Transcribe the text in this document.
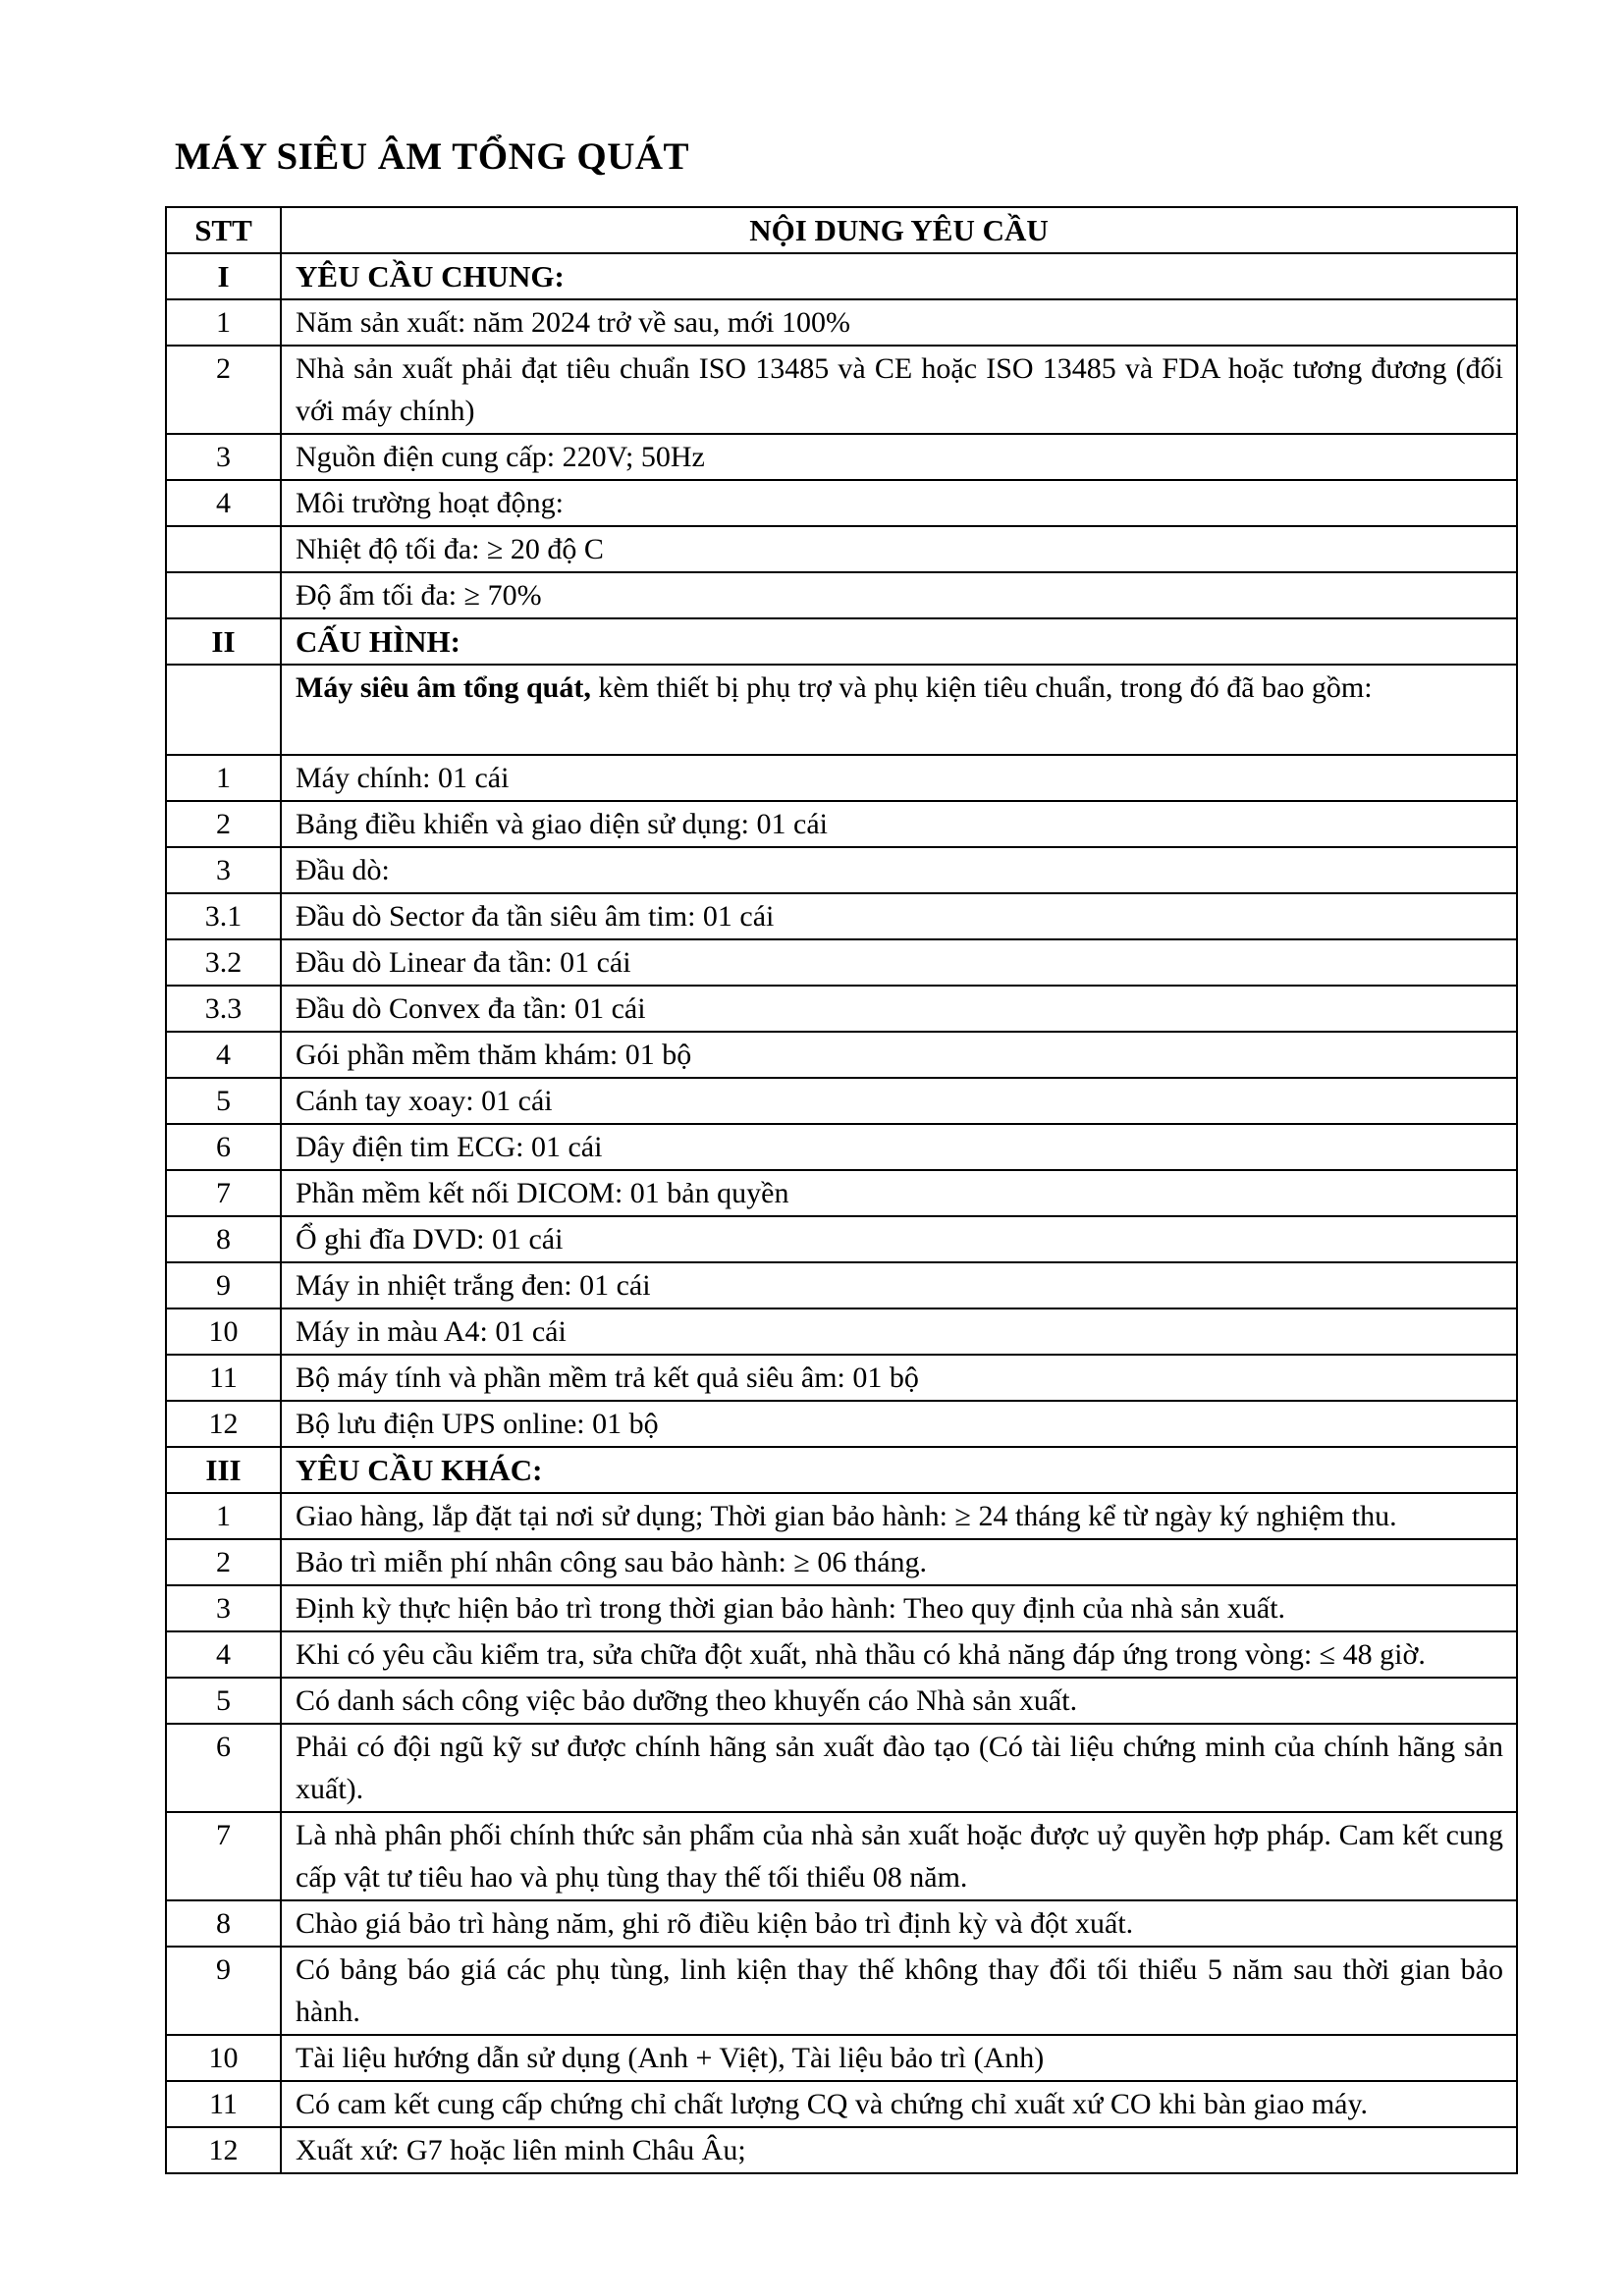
MÁY SIÊU ÂM TỔNG QUÁT
STT	NỘI DUNG YÊU CẦU
I	YÊU CẦU CHUNG:
1	Năm sản xuất: năm 2024 trở về sau, mới 100%
2	Nhà sản xuất phải đạt tiêu chuẩn ISO 13485 và CE hoặc ISO 13485 và FDA hoặc tương đương (đối với máy chính)
3	Nguồn điện cung cấp: 220V; 50Hz
4	Môi trường hoạt động:
	Nhiệt độ tối đa: ≥ 20 độ C
	Độ ẩm tối đa: ≥ 70%
II	CẤU HÌNH:
	Máy siêu âm tổng quát, kèm thiết bị phụ trợ và phụ kiện tiêu chuẩn, trong đó đã bao gồm:
1	Máy chính: 01 cái
2	Bảng điều khiển và giao diện sử dụng: 01 cái
3	Đầu dò:
3.1	Đầu dò Sector đa tần siêu âm tim: 01 cái
3.2	Đầu dò Linear đa tần: 01 cái
3.3	Đầu dò Convex đa tần: 01 cái
4	Gói phần mềm thăm khám: 01 bộ
5	Cánh tay xoay: 01 cái
6	Dây điện tim ECG: 01 cái
7	Phần mềm kết nối DICOM: 01 bản quyền
8	Ổ ghi đĩa DVD: 01 cái
9	Máy in nhiệt trắng đen: 01 cái
10	Máy in màu A4: 01 cái
11	Bộ máy tính và phần mềm trả kết quả siêu âm: 01 bộ
12	Bộ lưu điện UPS online: 01 bộ
III	YÊU CẦU KHÁC:
1	Giao hàng, lắp đặt tại nơi sử dụng; Thời gian bảo hành: ≥ 24 tháng kể từ ngày ký nghiệm thu.
2	Bảo trì miễn phí nhân công sau bảo hành: ≥ 06 tháng.
3	Định kỳ thực hiện bảo trì trong thời gian bảo hành: Theo quy định của nhà sản xuất.
4	Khi có yêu cầu kiểm tra, sửa chữa đột xuất, nhà thầu có khả năng đáp ứng trong vòng: ≤ 48 giờ.
5	Có danh sách công việc bảo dưỡng theo khuyến cáo Nhà sản xuất.
6	Phải có đội ngũ kỹ sư được chính hãng sản xuất đào tạo (Có tài liệu chứng minh của chính hãng sản xuất).
7	Là nhà phân phối chính thức sản phẩm của nhà sản xuất hoặc được uỷ quyền hợp pháp. Cam kết cung cấp vật tư tiêu hao và phụ tùng thay thế tối thiểu 08 năm.
8	Chào giá bảo trì hàng năm, ghi rõ điều kiện bảo trì định kỳ và đột xuất.
9	Có bảng báo giá các phụ tùng, linh kiện thay thế không thay đổi tối thiểu 5 năm sau thời gian bảo hành.
10	Tài liệu hướng dẫn sử dụng (Anh + Việt), Tài liệu bảo trì (Anh)
11	Có cam kết cung cấp chứng chỉ chất lượng CQ và chứng chỉ xuất xứ CO khi bàn giao máy.
12	Xuất xứ: G7 hoặc liên minh Châu Âu;
